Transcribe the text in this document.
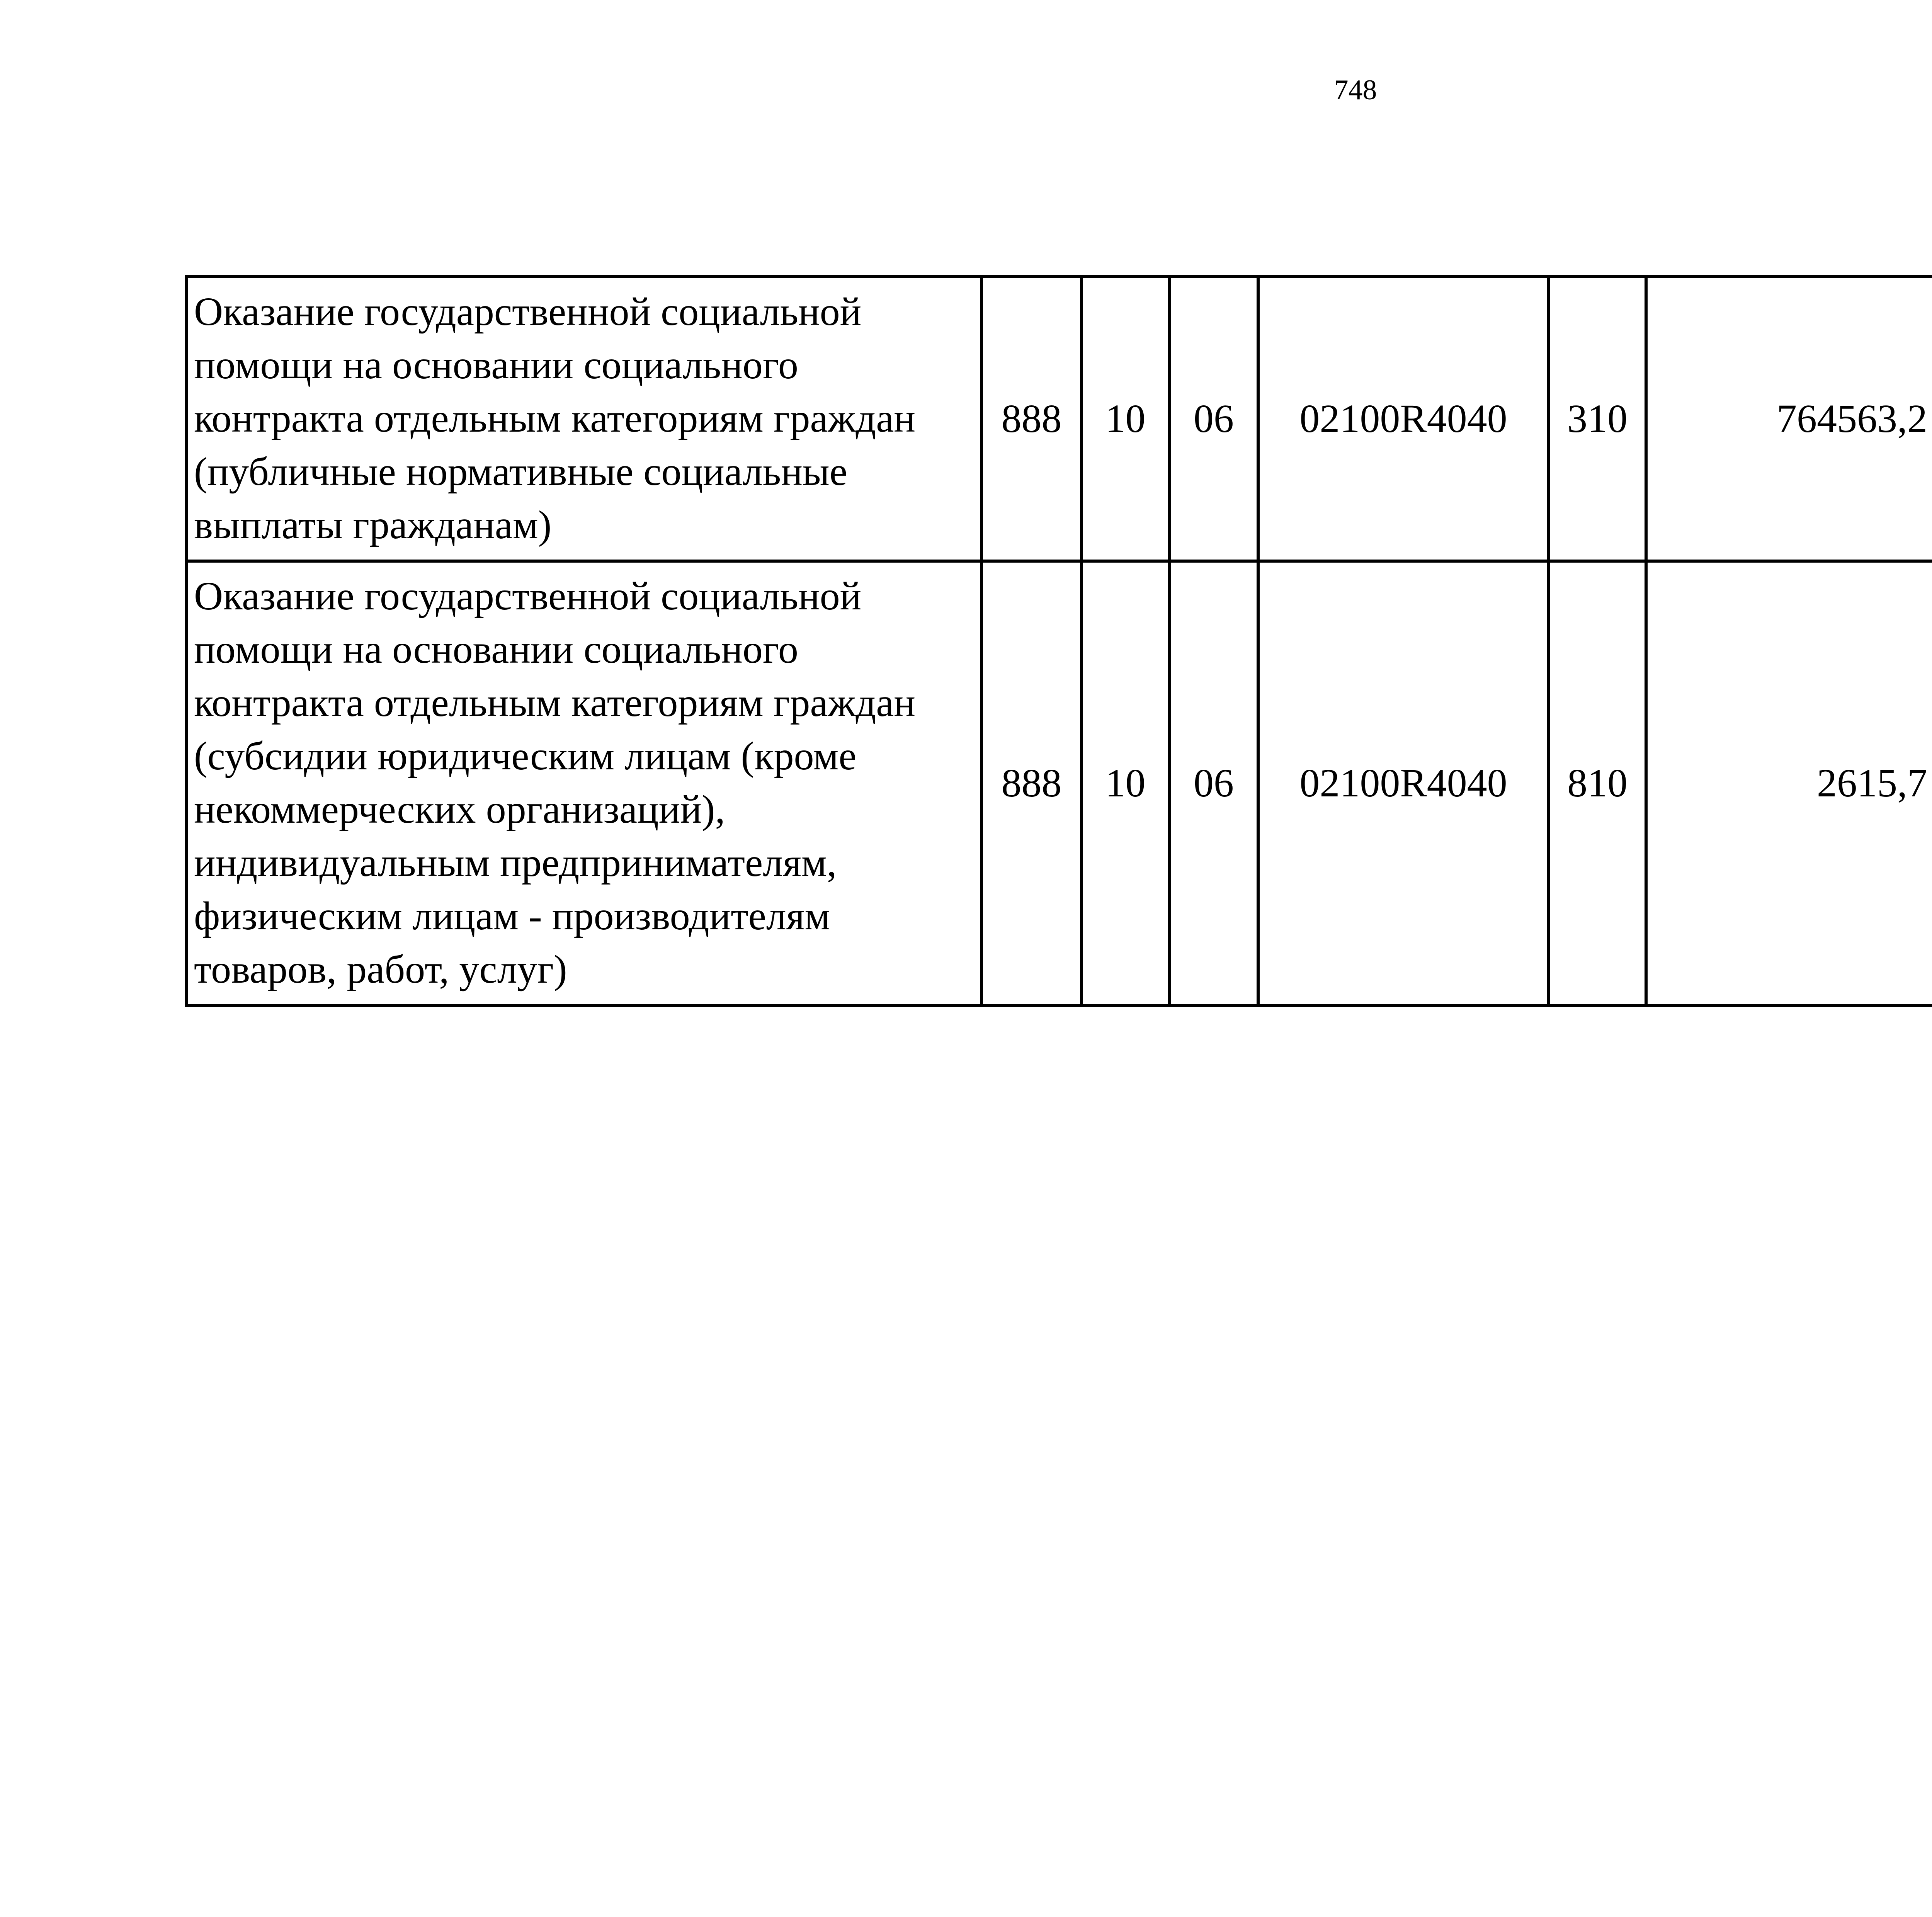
748
Оказание государственной социальной помощи на основании социального контракта отдельным категориям граждан (публичные нормативные социальные выплаты гражданам)	888	10	06	02100R4040	310	764563,2		
Оказание государственной социальной помощи на основании социального контракта отдельным категориям граждан (субсидии юридическим лицам (кроме некоммерческих организаций), индивидуальным предпринимателям, физическим лицам - производителям товаров, работ, услуг)	888	10	06	02100R4040	810	2615,7		
